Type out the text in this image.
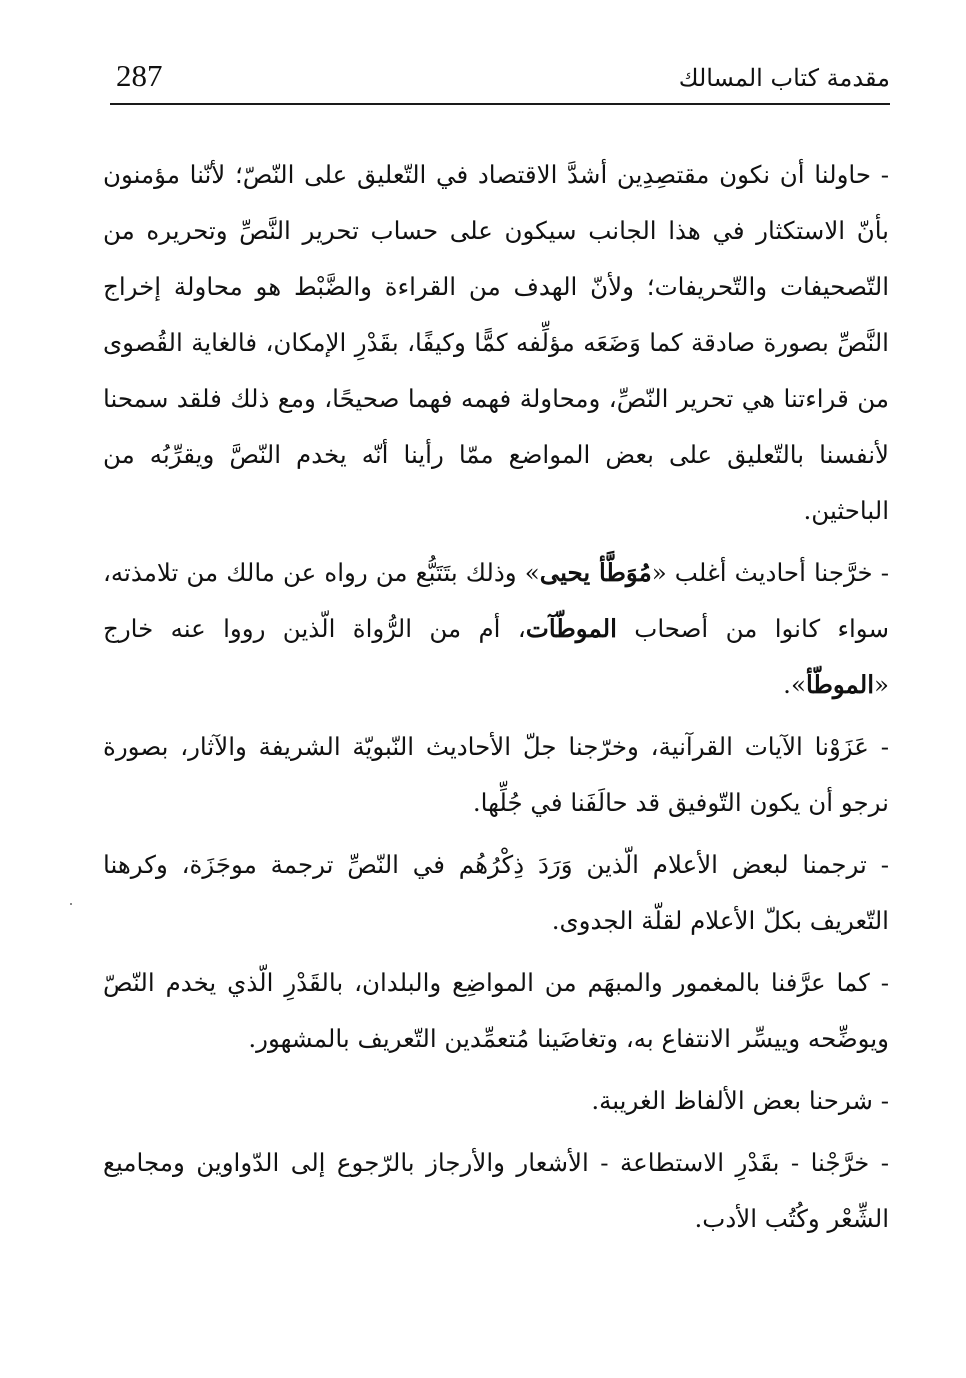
287	مقدمة كتاب المسالك

- حاولنا أن نكون مقتصِدِين أشدَّ الاقتصاد في التّعليق على النّصّ؛ لأنّنا مؤمنون بأنّ الاستكثار في هذا الجانب سيكون على حساب تحرير النَّصِّ وتحريره من التّصحيفات والتّحريفات؛ ولأنّ الهدف من القراءة والضَّبْط هو محاولة إخراج النَّصِّ بصورة صادقة كما وَضَعَه مؤلِّفه كمًّا وكيفًا، بقَدْرِ الإمكان، فالغاية القُصوى من قراءتنا هي تحرير النّصِّ، ومحاولة فهمه فهما صحيحًا، ومع ذلك فلقد سمحنا لأنفسنا بالتّعليق على بعض المواضع ممّا رأينا أنّه يخدم النّصَّ ويقرِّبُه من الباحثين.

- خرَّجنا أحاديث أغلب «مُوَطَّأ يحيى» وذلك بتَتَبُّع من رواه عن مالك من تلامذته، سواء كانوا من أصحاب الموطّآت، أم من الرُّواة الّذين رووا عنه خارج «الموطّأ».

- عَزَوْنا الآيات القرآنية، وخرّجنا جلّ الأحاديث النّبويّة الشريفة والآثار، بصورة نرجو أن يكون التّوفيق قد حالَفَنا في جُلِّها.

- ترجمنا لبعض الأعلام الّذين وَرَدَ ذِكْرُهُم في النّصِّ ترجمة موجَزَة، وكرهنا التّعريف بكلّ الأعلام لقلّة الجدوى.

- كما عرَّفنا بالمغمور والمبهَم من المواضِع والبلدان، بالقَدْرِ الّذي يخدم النّصّ ويوضِّحه وييسِّر الانتفاع به، وتغاضَينا مُتعمِّدين التّعريف بالمشهور.

- شرحنا بعض الألفاظ الغريبة.

- خرَّجْنا - بقَدْرِ الاستطاعة - الأشعار والأرجاز بالرّجوع إلى الدّواوين ومجاميع الشِّعْر وكُتُب الأدب.
